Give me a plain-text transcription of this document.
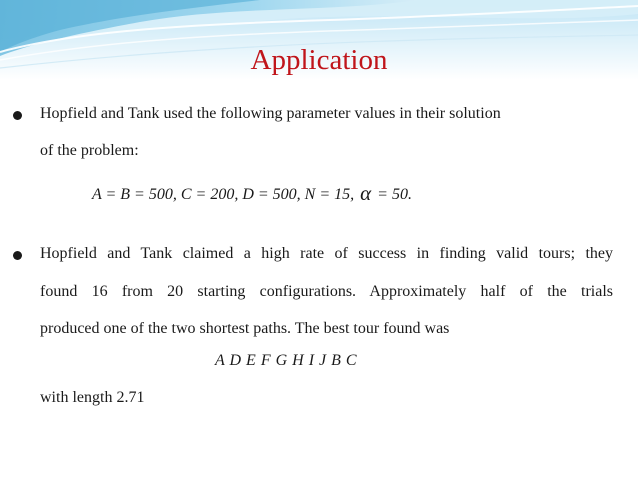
Application
Hopfield and Tank used the following parameter values in their solution
of the problem:
A = B = 500, C = 200, D = 500, N = 15, α = 50.
Hopfield and Tank claimed a high rate of success in finding valid tours; they
found 16 from 20 starting configurations. Approximately half of the trials
produced one of the two shortest paths. The best tour found was
A D E F G H I J B C
with length 2.71
